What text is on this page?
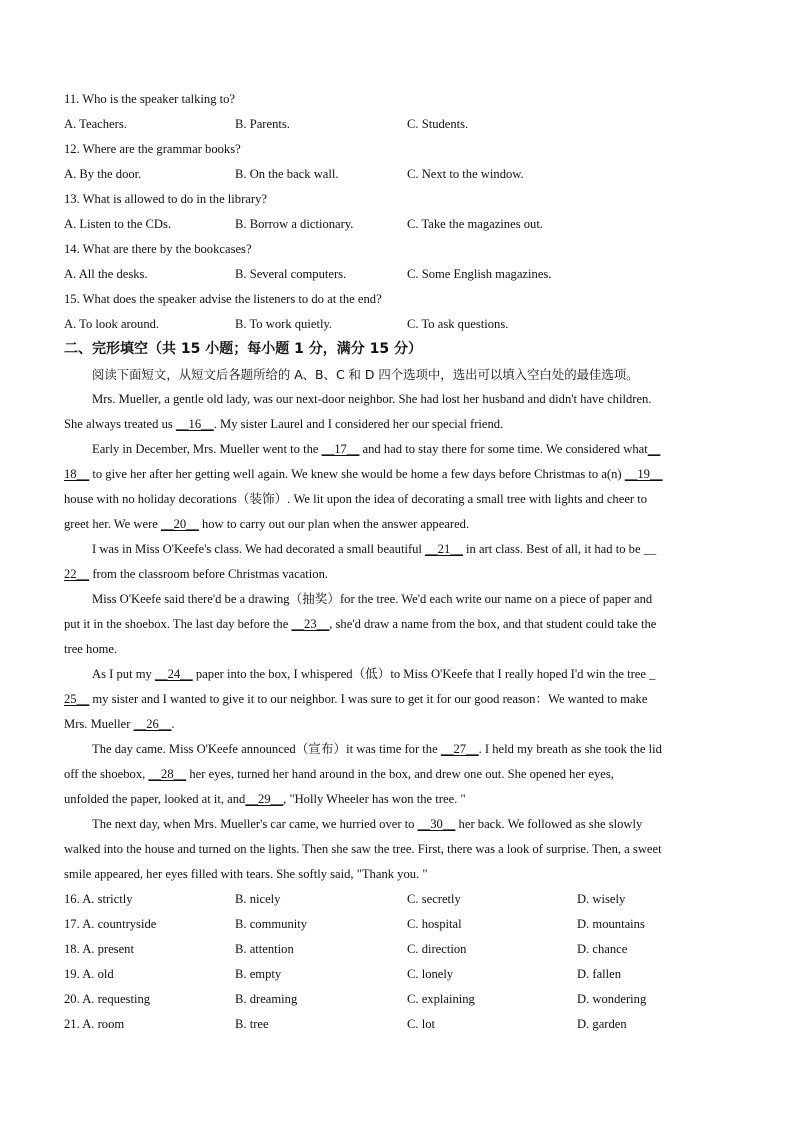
11. Who is the speaker talking to?
A. Teachers.	B. Parents.	C. Students.
12. Where are the grammar books?
A. By the door.	B. On the back wall.	C. Next to the window.
13. What is allowed to do in the library?
A. Listen to the CDs.	B. Borrow a dictionary.	C. Take the magazines out.
14. What are there by the bookcases?
A. All the desks.	B. Several computers.	C. Some English magazines.
15. What does the speaker advise the listeners to do at the end?
A. To look around.	B. To work quietly.	C. To ask questions.
二、完形填空（共 15 小题；每小题 1 分，满分 15 分）
阅读下面短文，从短文后各题所给的 A、B、C 和 D 四个选项中，选出可以填入空白处的最佳选项。
Mrs. Mueller, a gentle old lady, was our next-door neighbor. She had lost her husband and didn't have children.
She always treated us __16__. My sister Laurel and I considered her our special friend.
Early in December, Mrs. Mueller went to the __17__ and had to stay there for some time. We considered what__
18__ to give her after her getting well again. We knew she would be home a few days before Christmas to a(n) __19__
house with no holiday decorations（装饰）. We lit upon the idea of decorating a small tree with lights and cheer to
greet her. We were __20__ how to carry out our plan when the answer appeared.
I was in Miss O'Keefe's class. We had decorated a small beautiful __21__ in art class. Best of all, it had to be __
22__ from the classroom before Christmas vacation.
Miss O'Keefe said there'd be a drawing（抽奖）for the tree. We'd each write our name on a piece of paper and
put it in the shoebox. The last day before the __23__, she'd draw a name from the box, and that student could take the
tree home.
As I put my __24__ paper into the box, I whispered（低）to Miss O'Keefe that I really hoped I'd win the tree _
25__ my sister and I wanted to give it to our neighbor. I was sure to get it for our good reason：We wanted to make
Mrs. Mueller __26__.
The day came. Miss O'Keefe announced（宣布）it was time for the __27__. I held my breath as she took the lid
off the shoebox, __28__ her eyes, turned her hand around in the box, and drew one out. She opened her eyes,
unfolded the paper, looked at it, and__29__, "Holly Wheeler has won the tree. "
The next day, when Mrs. Mueller's car came, we hurried over to __30__ her back. We followed as she slowly
walked into the house and turned on the lights. Then she saw the tree. First, there was a look of surprise. Then, a sweet
smile appeared, her eyes filled with tears. She softly said, "Thank you. "
16. A. strictly	B. nicely	C. secretly	D. wisely
17. A. countryside	B. community	C. hospital	D. mountains
18. A. present	B. attention	C. direction	D. chance
19. A. old	B. empty	C. lonely	D. fallen
20. A. requesting	B. dreaming	C. explaining	D. wondering
21. A. room	B. tree	C. lot	D. garden
